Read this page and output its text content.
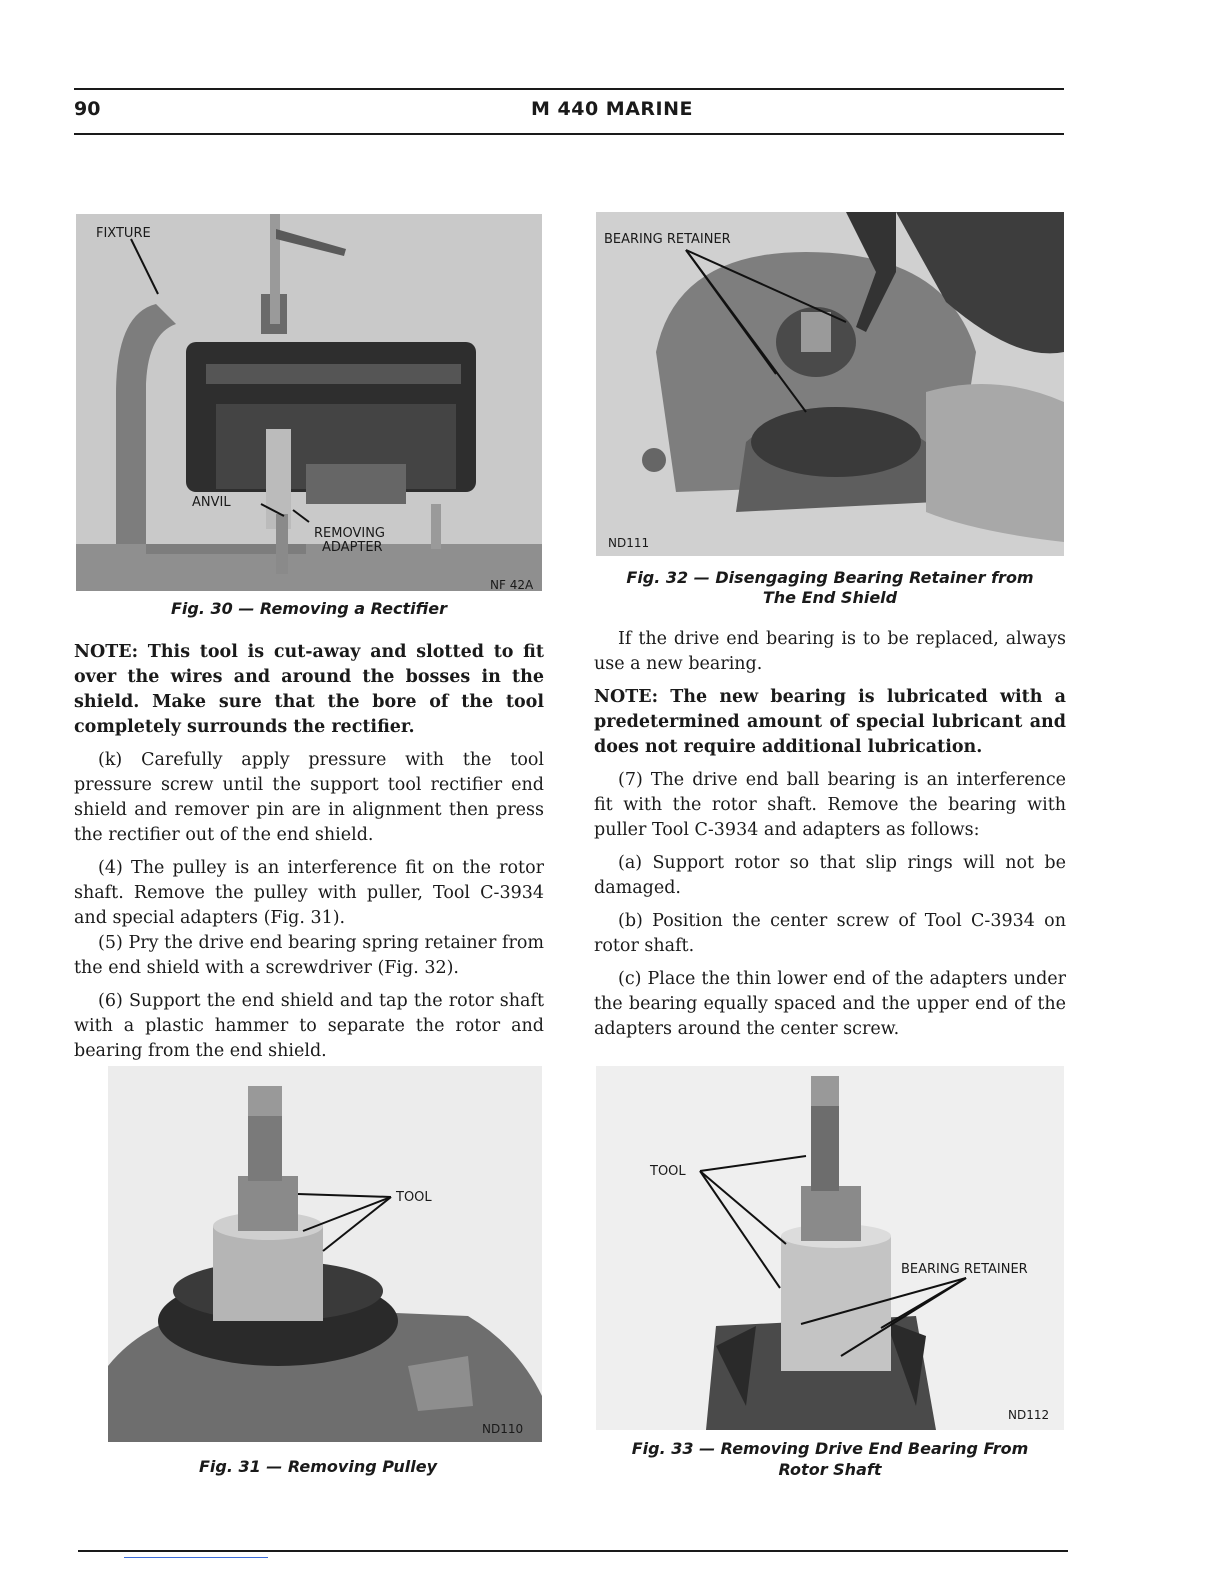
90	M 440 MARINE
FIXTURE
ANVIL
REMOVING
ADAPTER
NF 42A
Fig. 30 — Removing a Rectifier
BEARING RETAINER
ND111
Fig. 32 — Disengaging Bearing Retainer from
The End Shield

NOTE: This tool is cut-away and slotted to fit over the wires and around the bosses in the shield. Make sure that the bore of the tool completely surrounds the rectifier.

(k) Carefully apply pressure with the tool pressure screw until the support tool rectifier end shield and remover pin are in alignment then press the rectifier out of the end shield.

(4) The pulley is an interference fit on the rotor shaft. Remove the pulley with puller, Tool C-3934 and special adapters (Fig. 31).

(5) Pry the drive end bearing spring retainer from the end shield with a screwdriver (Fig. 32).

(6) Support the end shield and tap the rotor shaft with a plastic hammer to separate the rotor and bearing from the end shield.

If the drive end bearing is to be replaced, always use a new bearing.

NOTE: The new bearing is lubricated with a predetermined amount of special lubricant and does not require additional lubrication.

(7) The drive end ball bearing is an interference fit with the rotor shaft. Remove the bearing with puller Tool C-3934 and adapters as follows:

(a) Support rotor so that slip rings will not be damaged.

(b) Position the center screw of Tool C-3934 on rotor shaft.

(c) Place the thin lower end of the adapters under the bearing equally spaced and the upper end of the adapters around the center screw.

TOOL
ND110
Fig. 31 — Removing Pulley
TOOL
BEARING RETAINER
ND112
Fig. 33 — Removing Drive End Bearing From
Rotor Shaft
